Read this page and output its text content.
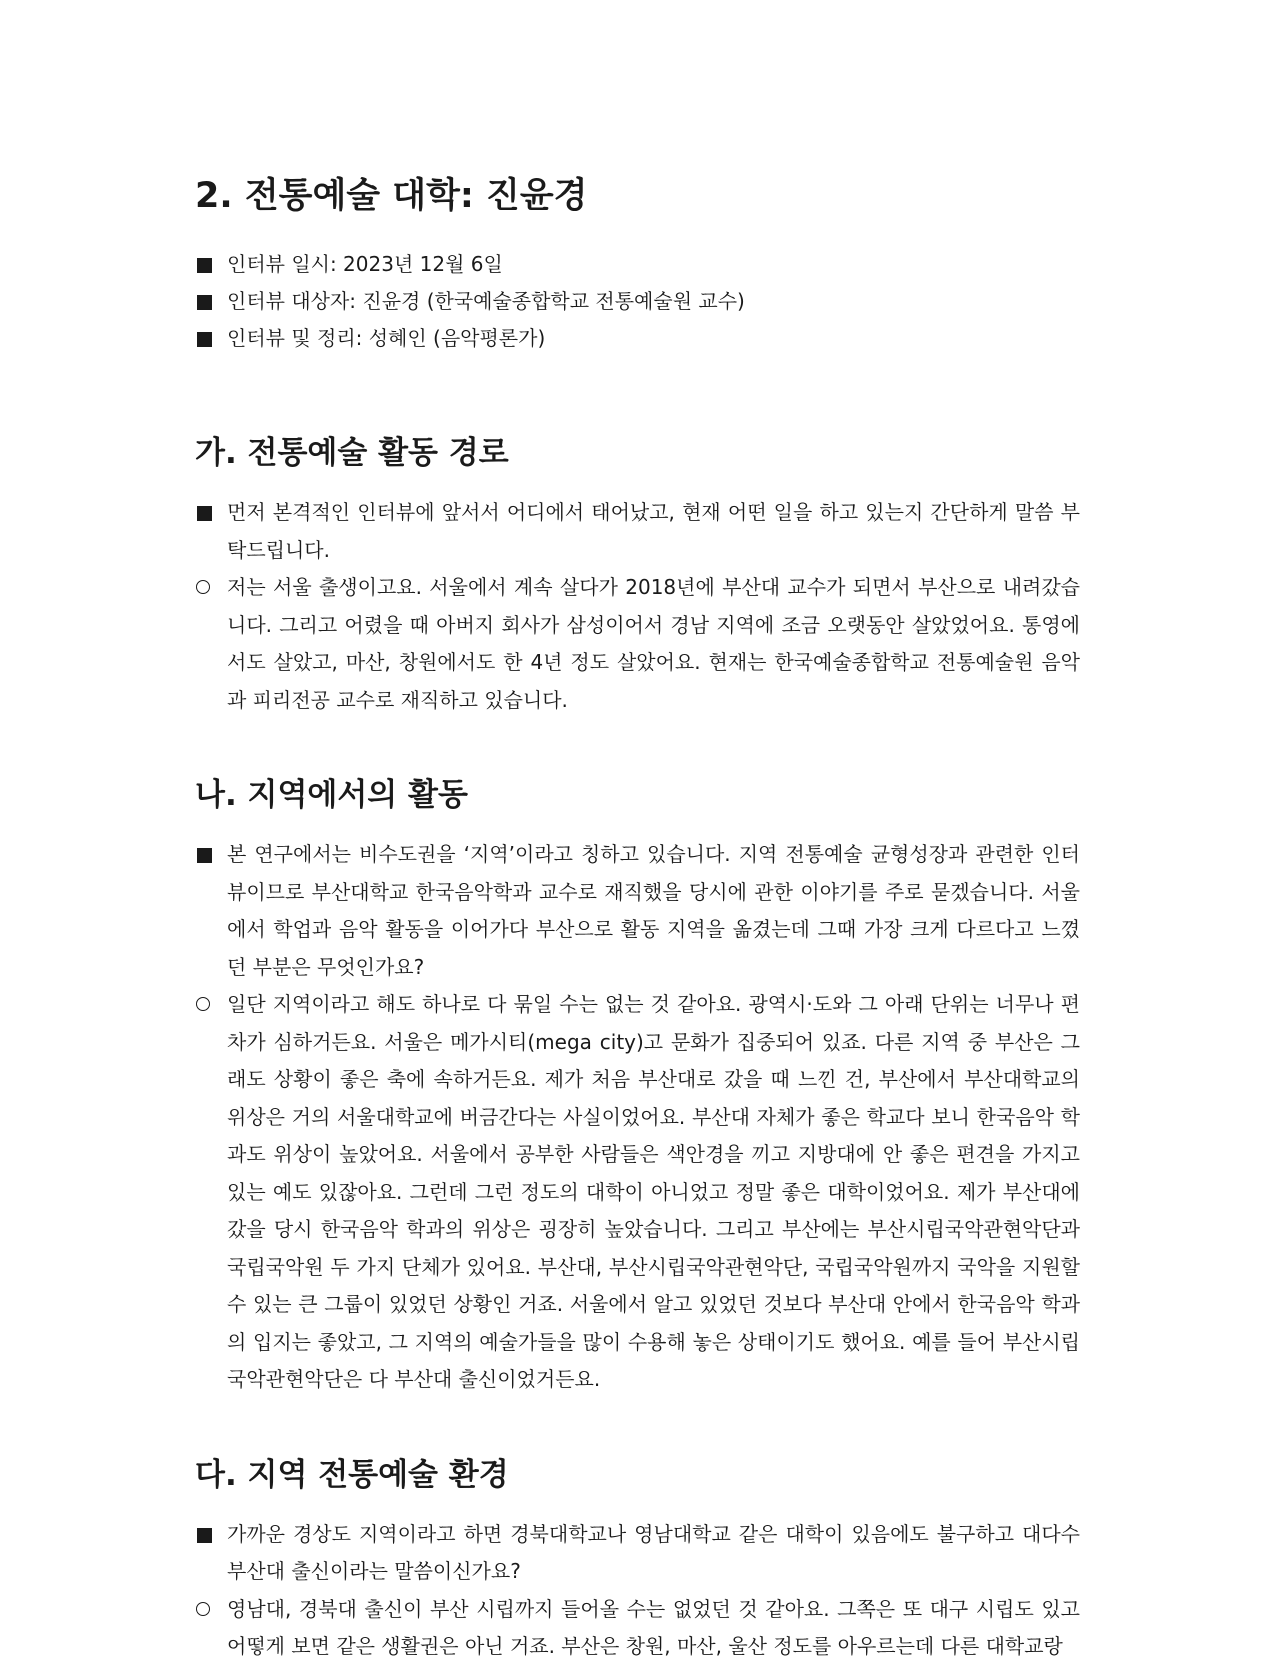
2. 전통예술 대학: 진윤경
인터뷰 일시: 2023년 12월 6일
인터뷰 대상자: 진윤경 (한국예술종합학교 전통예술원 교수)
인터뷰 및 정리: 성혜인 (음악평론가)
가. 전통예술 활동 경로

먼저 본격적인 인터뷰에 앞서서 어디에서 태어났고, 현재 어떤 일을 하고 있는지 간단하게 말씀 부탁드립니다.

저는 서울 출생이고요. 서울에서 계속 살다가 2018년에 부산대 교수가 되면서 부산으로 내려갔습니다. 그리고 어렸을 때 아버지 회사가 삼성이어서 경남 지역에 조금 오랫동안 살았었어요. 통영에서도 살았고, 마산, 창원에서도 한 4년 정도 살았어요. 현재는 한국예술종합학교 전통예술원 음악과 피리전공 교수로 재직하고 있습니다.

나. 지역에서의 활동

본 연구에서는 비수도권을 ‘지역’이라고 칭하고 있습니다. 지역 전통예술 균형성장과 관련한 인터뷰이므로 부산대학교 한국음악학과 교수로 재직했을 당시에 관한 이야기를 주로 묻겠습니다. 서울에서 학업과 음악 활동을 이어가다 부산으로 활동 지역을 옮겼는데 그때 가장 크게 다르다고 느꼈던 부분은 무엇인가요?

일단 지역이라고 해도 하나로 다 묶일 수는 없는 것 같아요. 광역시·도와 그 아래 단위는 너무나 편차가 심하거든요. 서울은 메가시티(mega city)고 문화가 집중되어 있죠. 다른 지역 중 부산은 그래도 상황이 좋은 축에 속하거든요. 제가 처음 부산대로 갔을 때 느낀 건, 부산에서 부산대학교의 위상은 거의 서울대학교에 버금간다는 사실이었어요. 부산대 자체가 좋은 학교다 보니 한국음악 학과도 위상이 높았어요. 서울에서 공부한 사람들은 색안경을 끼고 지방대에 안 좋은 편견을 가지고 있는 예도 있잖아요. 그런데 그런 정도의 대학이 아니었고 정말 좋은 대학이었어요. 제가 부산대에 갔을 당시 한국음악 학과의 위상은 굉장히 높았습니다. 그리고 부산에는 부산시립국악관현악단과 국립국악원 두 가지 단체가 있어요. 부산대, 부산시립국악관현악단, 국립국악원까지 국악을 지원할 수 있는 큰 그룹이 있었던 상황인 거죠. 서울에서 알고 있었던 것보다 부산대 안에서 한국음악 학과의 입지는 좋았고, 그 지역의 예술가들을 많이 수용해 놓은 상태이기도 했어요. 예를 들어 부산시립국악관현악단은 다 부산대 출신이었거든요.

다. 지역 전통예술 환경

가까운 경상도 지역이라고 하면 경북대학교나 영남대학교 같은 대학이 있음에도 불구하고 대다수 부산대 출신이라는 말씀이신가요?

영남대, 경북대 출신이 부산 시립까지 들어올 수는 없었던 것 같아요. 그쪽은 또 대구 시립도 있고 어떻게 보면 같은 생활권은 아닌 거죠. 부산은 창원, 마산, 울산 정도를 아우르는데 다른 대학교랑
